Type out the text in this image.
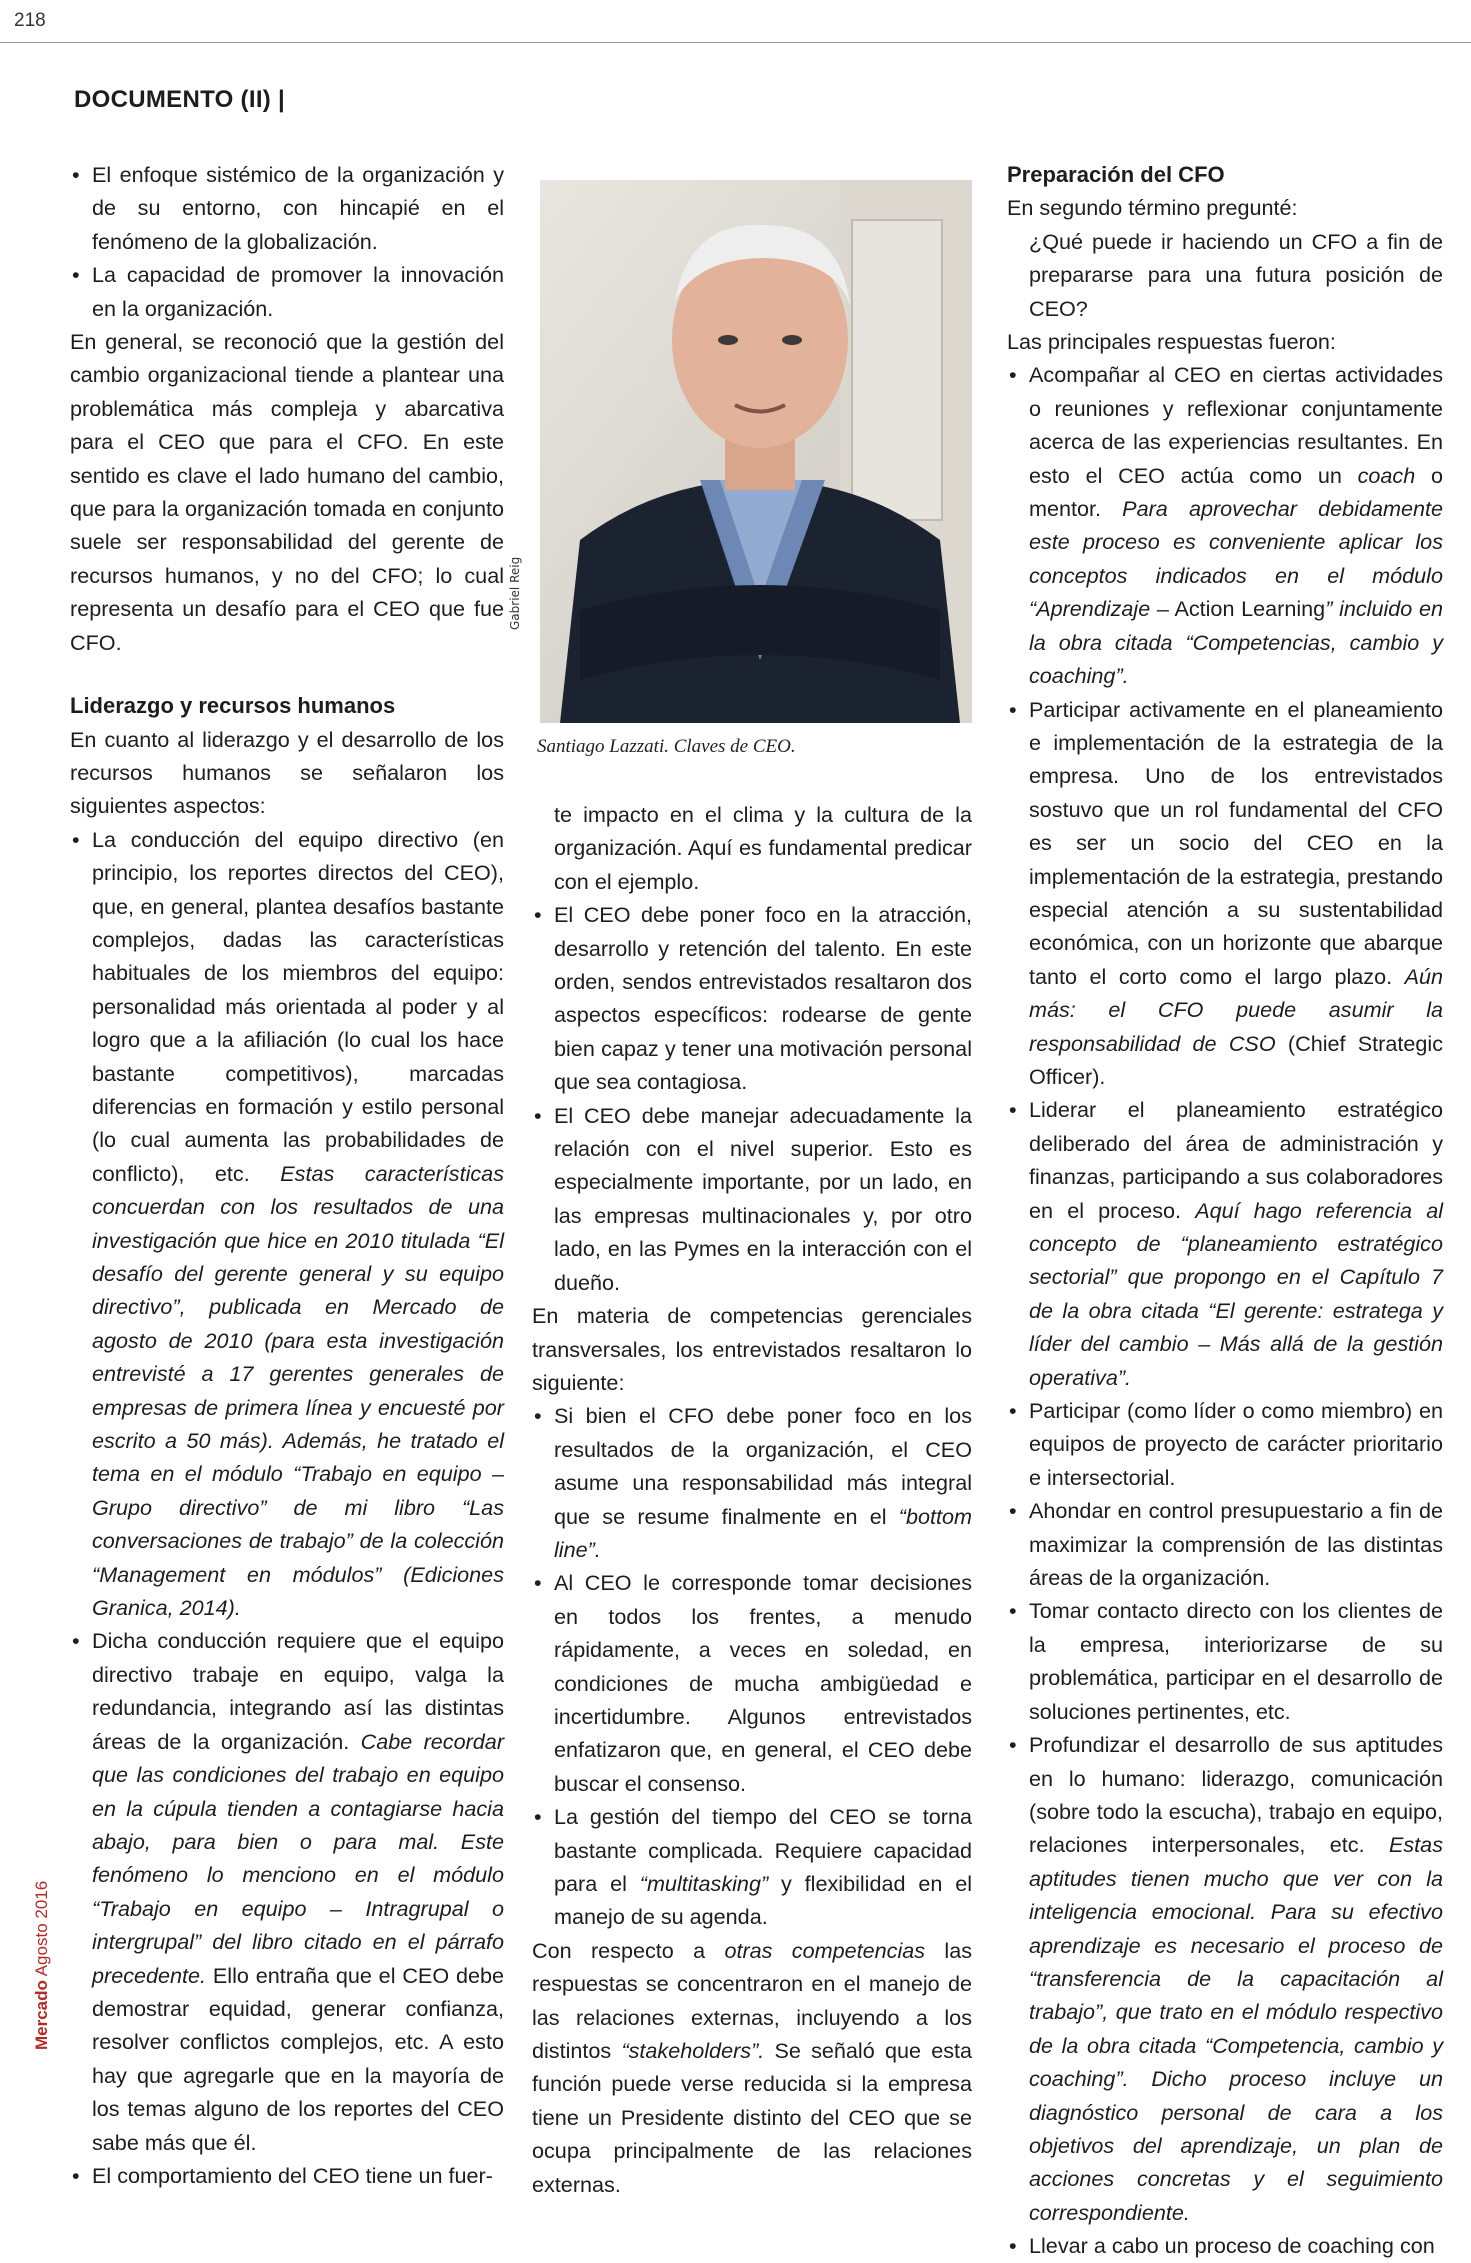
218
DOCUMENTO (II) |
• El enfoque sistémico de la organización y de su entorno, con hincapié en el fenómeno de la globalización.
• La capacidad de promover la innovación en la organización.

En general, se reconoció que la gestión del cambio organizacional tiende a plantear una problemática más compleja y abarcativa para el CEO que para el CFO. En este sentido es clave el lado humano del cambio, que para la organización tomada en conjunto suele ser responsabilidad del gerente de recursos humanos, y no del CFO; lo cual representa un desafío para el CEO que fue CFO.

Liderazgo y recursos humanos

En cuanto al liderazgo y el desarrollo de los recursos humanos se señalaron los siguientes aspectos:

• La conducción del equipo directivo (en principio, los reportes directos del CEO), que, en general, plantea desafíos bastante complejos, dadas las características habituales de los miembros del equipo: personalidad más orientada al poder y al logro que a la afiliación (lo cual los hace bastante competitivos), marcadas diferencias en formación y estilo personal (lo cual aumenta las probabilidades de conflicto), etc. Estas características concuerdan con los resultados de una investigación que hice en 2010 titulada “El desafío del gerente general y su equipo directivo”, publicada en Mercado de agosto de 2010 (para esta investigación entrevisté a 17 gerentes generales de empresas de primera línea y encuesté por escrito a 50 más). Además, he tratado el tema en el módulo “Trabajo en equipo – Grupo directivo” de mi libro “Las conversaciones de trabajo” de la colección “Management en módulos” (Ediciones Granica, 2014).
• Dicha conducción requiere que el equipo directivo trabaje en equipo, valga la redundancia, integrando así las distintas áreas de la organización. Cabe recordar que las condiciones del trabajo en equipo en la cúpula tienden a contagiarse hacia abajo, para bien o para mal. Este fenómeno lo menciono en el módulo “Trabajo en equipo – Intragrupal o intergrupal” del libro citado en el párrafo precedente. Ello entraña que el CEO debe demostrar equidad, generar confianza, resolver conflictos complejos, etc. A esto hay que agregarle que en la mayoría de los temas alguno de los reportes del CEO sabe más que él.
• El comportamiento del CEO tiene un fuer-
Gabriel Reig
Santiago Lazzati. Claves de CEO.

te impacto en el clima y la cultura de la organización. Aquí es fundamental predicar con el ejemplo.

• El CEO debe poner foco en la atracción, desarrollo y retención del talento. En este orden, sendos entrevistados resaltaron dos aspectos específicos: rodearse de gente bien capaz y tener una motivación personal que sea contagiosa.
• El CEO debe manejar adecuadamente la relación con el nivel superior. Esto es especialmente importante, por un lado, en las empresas multinacionales y, por otro lado, en las Pymes en la interacción con el dueño.

En materia de competencias gerenciales transversales, los entrevistados resaltaron lo siguiente:

• Si bien el CFO debe poner foco en los resultados de la organización, el CEO asume una responsabilidad más integral que se resume finalmente en el “bottom line”.
• Al CEO le corresponde tomar decisiones en todos los frentes, a menudo rápidamente, a veces en soledad, en condiciones de mucha ambigüedad e incertidumbre. Algunos entrevistados enfatizaron que, en general, el CEO debe buscar el consenso.
• La gestión del tiempo del CEO se torna bastante complicada. Requiere capacidad para el “multitasking” y flexibilidad en el manejo de su agenda.

Con respecto a otras competencias las respuestas se concentraron en el manejo de las relaciones externas, incluyendo a los distintos “stakeholders”. Se señaló que esta función puede verse reducida si la empresa tiene un Presidente distinto del CEO que se ocupa principalmente de las relaciones externas.

Preparación del CFO

En segundo término pregunté:

¿Qué puede ir haciendo un CFO a fin de prepararse para una futura posición de CEO?

Las principales respuestas fueron:

• Acompañar al CEO en ciertas actividades o reuniones y reflexionar conjuntamente acerca de las experiencias resultantes. En esto el CEO actúa como un coach o mentor. Para aprovechar debidamente este proceso es conveniente aplicar los conceptos indicados en el módulo “Aprendizaje – Action Learning” incluido en la obra citada “Competencias, cambio y coaching”.
• Participar activamente en el planeamiento e implementación de la estrategia de la empresa. Uno de los entrevistados sostuvo que un rol fundamental del CFO es ser un socio del CEO en la implementación de la estrategia, prestando especial atención a su sustentabilidad económica, con un horizonte que abarque tanto el corto como el largo plazo. Aún más: el CFO puede asumir la responsabilidad de CSO (Chief Strategic Officer).
• Liderar el planeamiento estratégico deliberado del área de administración y finanzas, participando a sus colaboradores en el proceso. Aquí hago referencia al concepto de “planeamiento estratégico sectorial” que propongo en el Capítulo 7 de la obra citada “El gerente: estratega y líder del cambio – Más allá de la gestión operativa”.
• Participar (como líder o como miembro) en equipos de proyecto de carácter prioritario e intersectorial.
• Ahondar en control presupuestario a fin de maximizar la comprensión de las distintas áreas de la organización.
• Tomar contacto directo con los clientes de la empresa, interiorizarse de su problemática, participar en el desarrollo de soluciones pertinentes, etc.
• Profundizar el desarrollo de sus aptitudes en lo humano: liderazgo, comunicación (sobre todo la escucha), trabajo en equipo, relaciones interpersonales, etc. Estas aptitudes tienen mucho que ver con la inteligencia emocional. Para su efectivo aprendizaje es necesario el proceso de “transferencia de la capacitación al trabajo”, que trato en el módulo respectivo de la obra citada “Competencia, cambio y coaching”. Dicho proceso incluye un diagnóstico personal de cara a los objetivos del aprendizaje, un plan de acciones concretas y el seguimiento correspondiente.
• Llevar a cabo un proceso de coaching con
Mercado Agosto 2016
